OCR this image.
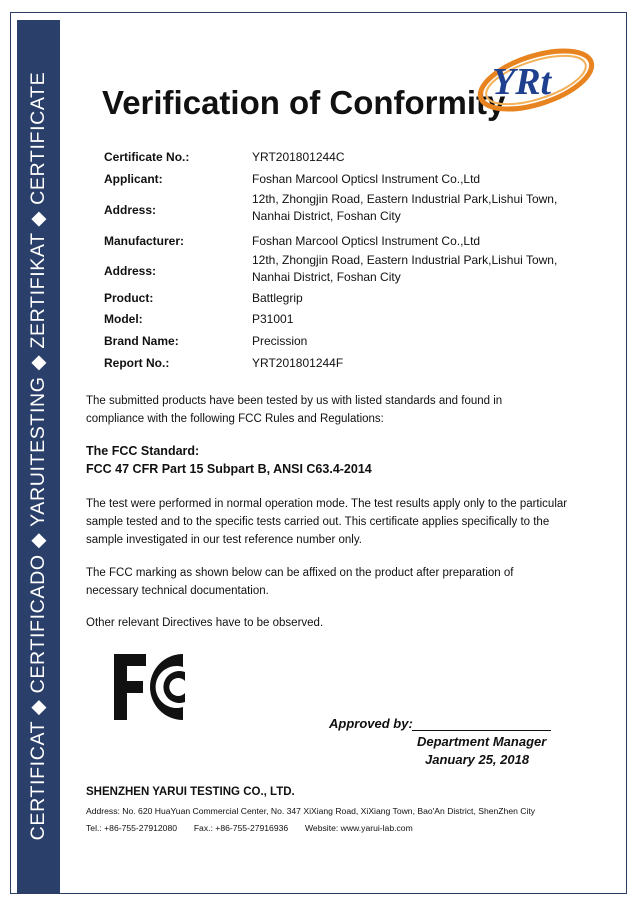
CERTIFICAT ◆ CERTIFICADO ◆ YARUITESTING ◆ ZERTIFIKAT ◆ CERTIFICATE Verification of Conformity
YRt
Certificate No.:	YRT201801244C
Applicant:	Foshan Marcool Opticsl Instrument Co.,Ltd
Address:
12th, Zhongjin Road, Eastern Industrial Park,Lishui Town,
Nanhai District, Foshan City
Manufacturer:	Foshan Marcool Opticsl Instrument Co.,Ltd
Address:
12th, Zhongjin Road, Eastern Industrial Park,Lishui Town,
Nanhai District, Foshan City
Product:	Battlegrip
Model:	P31001
Brand Name:	Precission
Report No.:	YRT201801244F
The submitted products have been tested by us with listed standards and found in
compliance with the following FCC Rules and Regulations:
The FCC Standard:
FCC 47 CFR Part 15 Subpart B, ANSI C63.4-2014
The test were performed in normal operation mode. The test results apply only to the particular
sample tested and to the specific tests carried out. This certificate applies specifically to the
sample investigated in our test reference number only.
The FCC marking as shown below can be affixed on the product after preparation of
necessary technical documentation.
Other relevant Directives have to be observed.
Approved by:
Department Manager
January 25, 2018
SHENZHEN YARUI TESTING CO., LTD.
Address: No. 620 HuaYuan Commercial Center, No. 347 XiXiang Road, XiXiang Town, Bao'An District, ShenZhen City
Tel.: +86-755-27912080 Fax.: +86-755-27916936 Website: www.yarui-lab.com
